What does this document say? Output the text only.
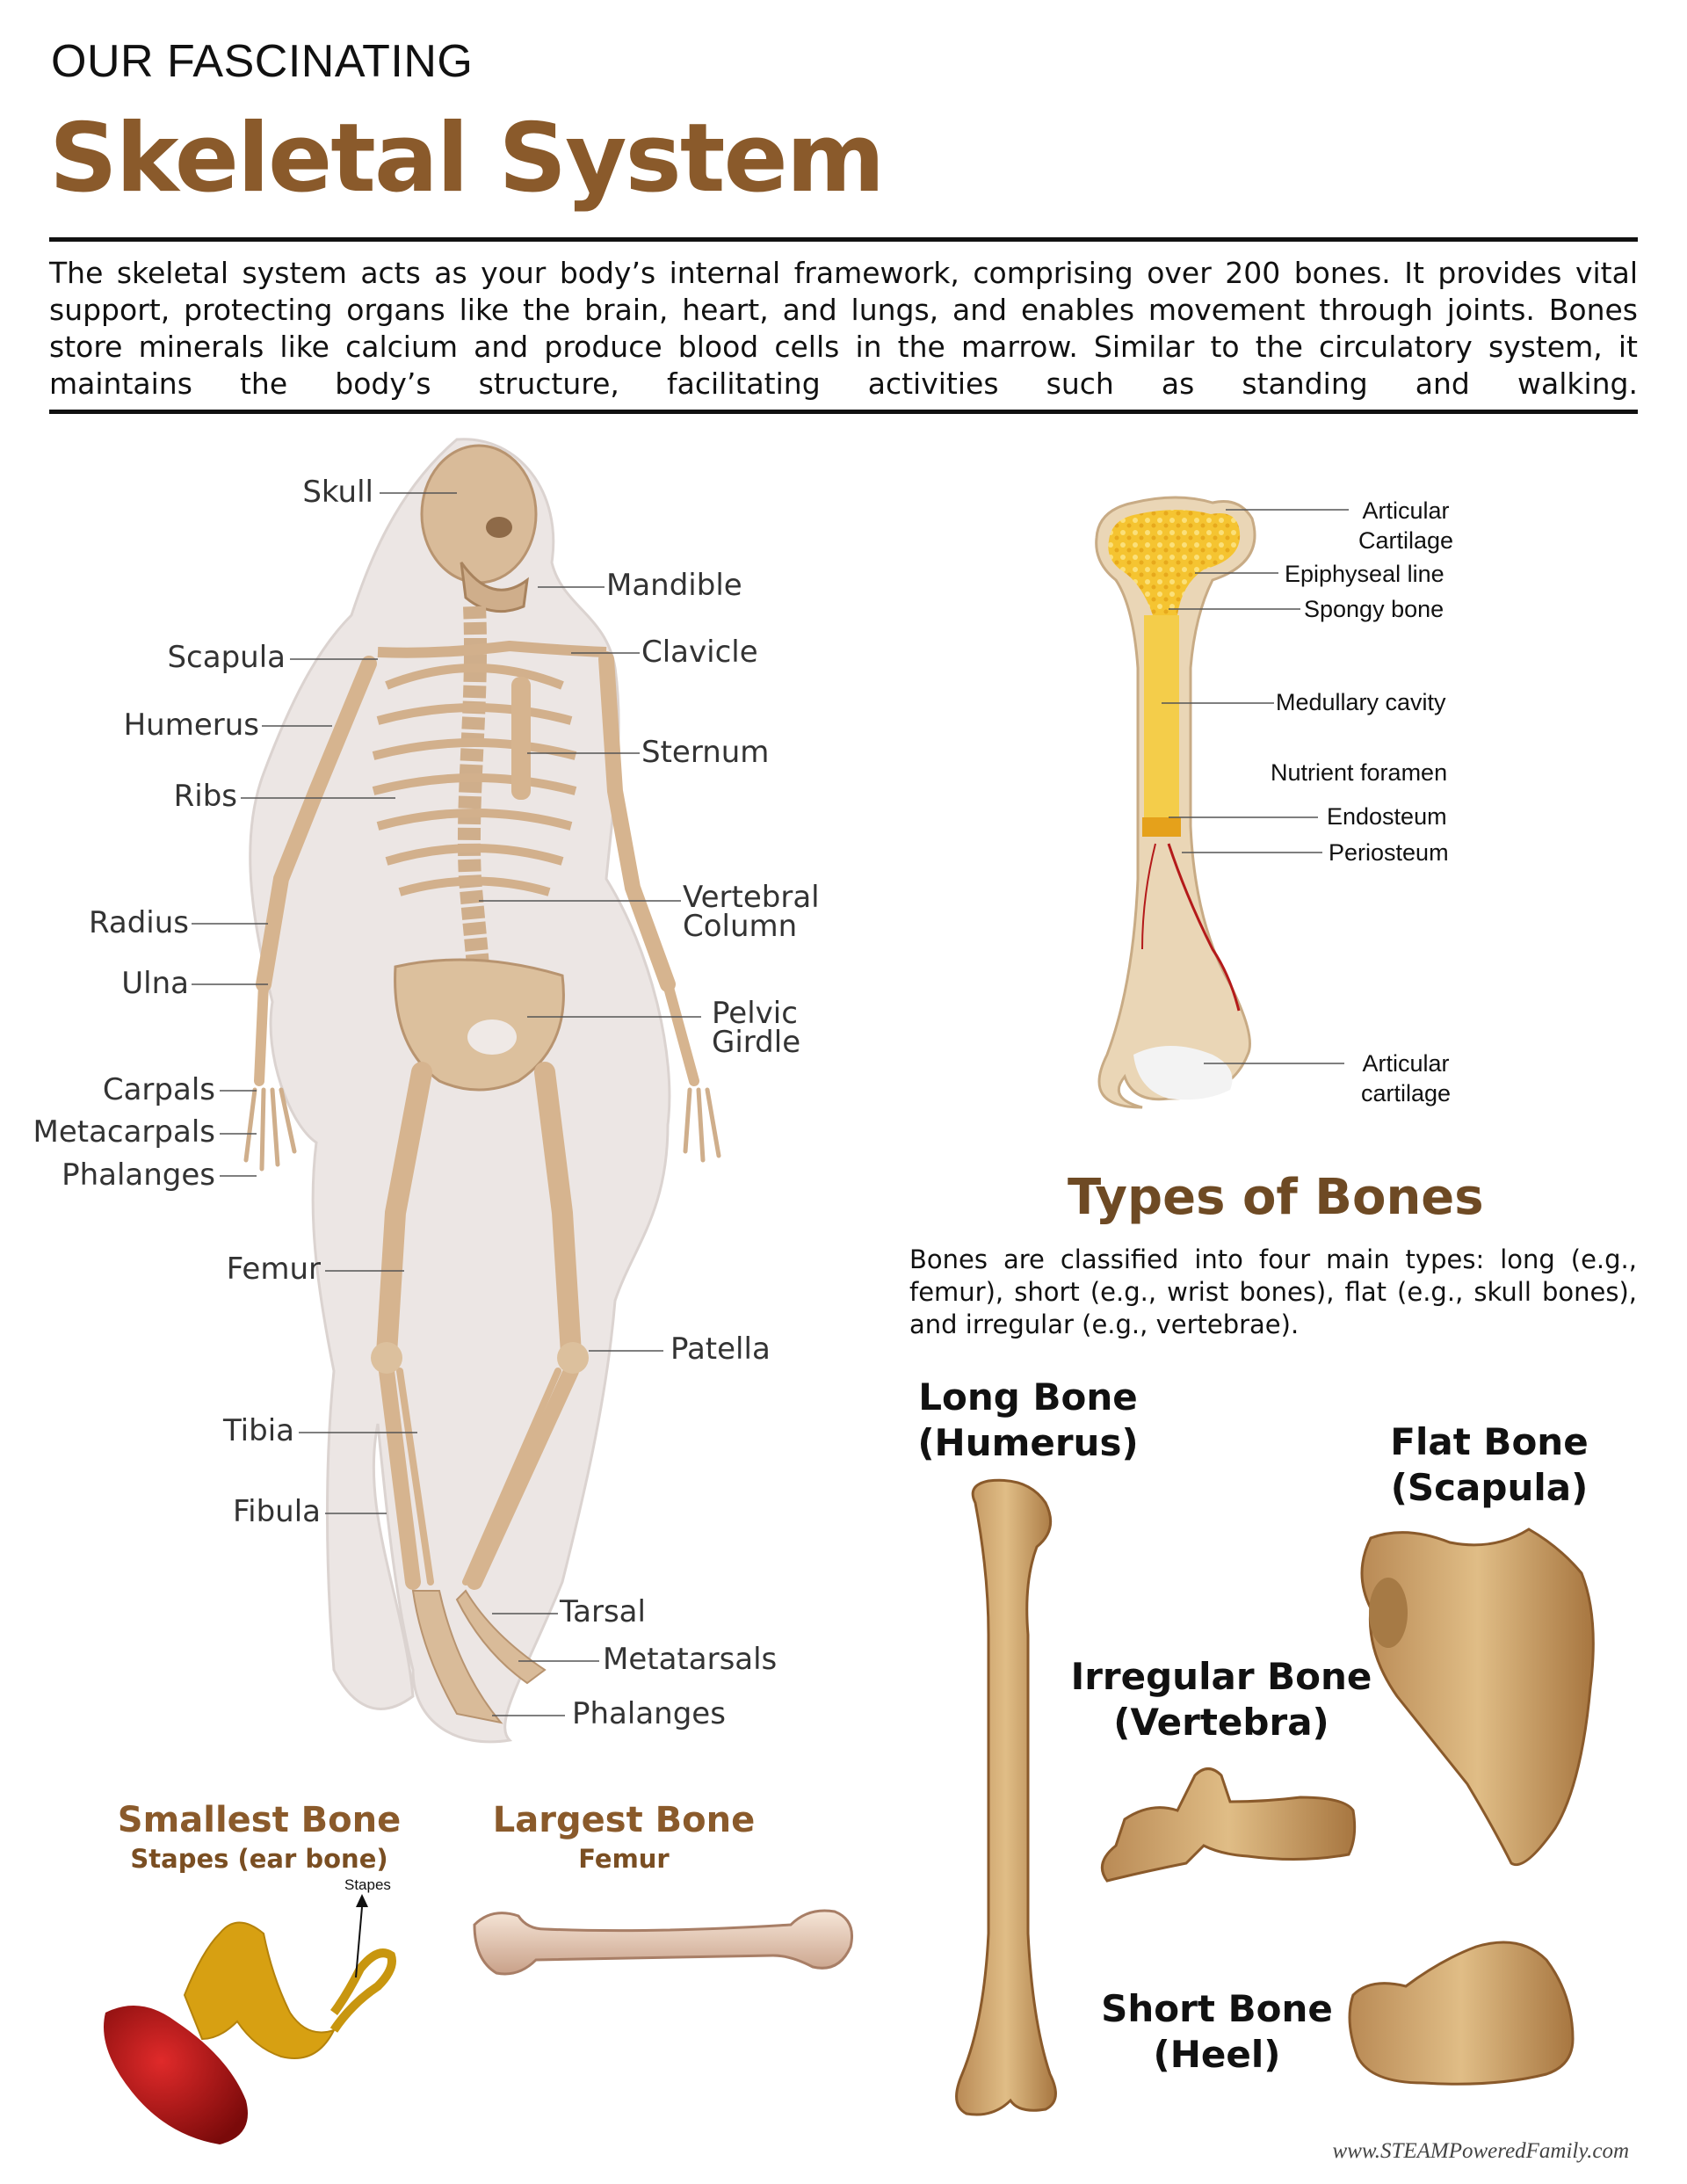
OUR FASCINATING
Skeletal System
The skeletal system acts as your body’s internal framework, comprising over 200 bones. It provides vital support, protecting organs like the brain, heart, and lungs, and enables movement through joints. Bones store minerals like calcium and produce blood cells in the marrow. Similar to the circulatory system, it maintains the body’s structure, facilitating activities such as standing and walking.
Skull
Mandible
Scapula	Clavicle
Humerus
Sternum
Ribs
Radius
Vertebral
Column
Ulna
Pelvic
Girdle
Carpals
Metacarpals
Phalanges
Femur
Patella
Tibia
Fibula
Tarsal
Metatarsals
Phalanges
Articular
Cartilage
Epiphyseal line
Spongy bone
Medullary cavity
Nutrient foramen
Endosteum
Periosteum
Articular
cartilage
Types of Bones
Bones are classified into four main types: long (e.g., femur), short (e.g., wrist bones), flat (e.g., skull bones), and irregular (e.g., vertebrae).
Long Bone
(Humerus)	Flat Bone
(Scapula)
Irregular Bone
(Vertebra)
Short Bone
(Heel)
Smallest Bone
Stapes (ear bone)
Stapes
Largest Bone
Femur
www.STEAMPoweredFamily.com
